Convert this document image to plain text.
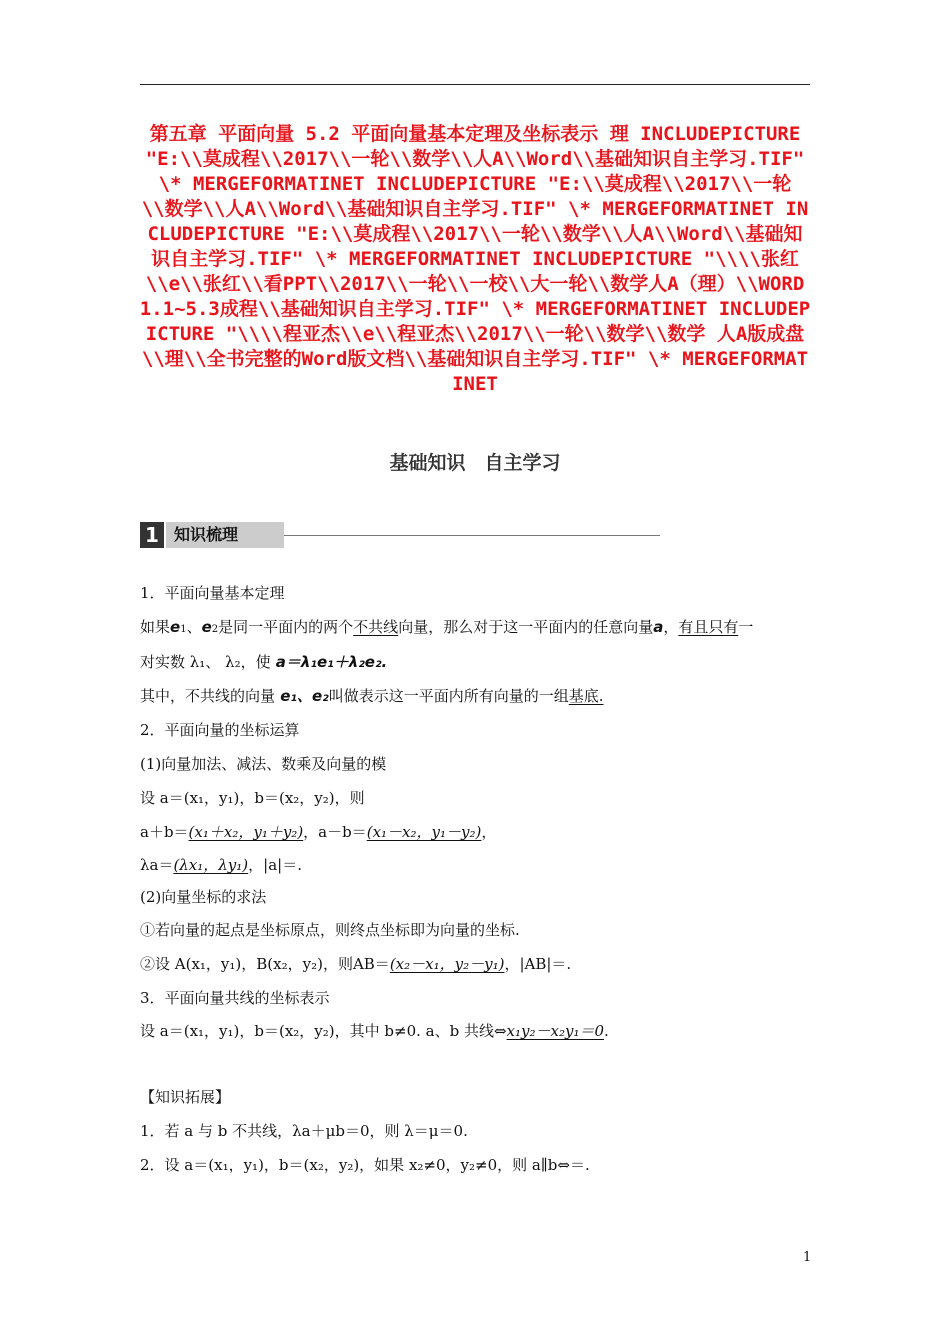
第五章 平面向量 5.2 平面向量基本定理及坐标表示 理 INCLUDEPICTURE "E:\\莫成程\\2017\\一轮\\数学\\人A\\Word\\基础知识自主学习.TIF" \* MERGEFORMATINET INCLUDEPICTURE "E:\\莫成程\\2017\\一轮\\数学\\人A\\Word\\基础知识自主学习.TIF" \* MERGEFORMATINET INCLUDEPICTURE "E:\\莫成程\\2017\\一轮\\数学\\人A\\Word\\基础知识自主学习.TIF" \* MERGEFORMATINET INCLUDEPICTURE "\\\\张红\\e\\张红\\看PPT\\2017\\一轮\\一校\\大一轮\\数学人A（理）\\WORD1.1~5.3成程\\基础知识自主学习.TIF" \* MERGEFORMATINET INCLUDEPICTURE "\\\\程亚杰\\e\\程亚杰\\2017\\一轮\\数学\\数学 人A版成盘\\理\\全书完整的Word版文档\\基础知识自主学习.TIF" \* MERGEFORMATINET
基础知识　自主学习
1 知识梳理
1．平面向量基本定理
如果e1、e2是同一平面内的两个不共线向量，那么对于这一平面内的任意向量a，有且只有一
对实数 λ₁、 λ₂，使 a＝λ₁e₁＋λ₂e₂.
其中，不共线的向量 e₁、e₂叫做表示这一平面内所有向量的一组基底.
2．平面向量的坐标运算
(1)向量加法、减法、数乘及向量的模
设 a＝(x₁，y₁)，b＝(x₂，y₂)，则
a＋b＝(x₁＋x₂，y₁＋y₂)，a－b＝(x₁－x₂，y₁－y₂)，
λa＝(λx₁，λy₁)，|a|＝.
(2)向量坐标的求法
①若向量的起点是坐标原点，则终点坐标即为向量的坐标.
②设 A(x₁，y₁)，B(x₂，y₂)，则AB＝(x₂－x₁，y₂－y₁)，|AB|＝.
3．平面向量共线的坐标表示
设 a＝(x₁，y₁)，b＝(x₂，y₂)，其中 b≠0. a、b 共线⇔x₁y₂－x₂y₁＝0.
【知识拓展】
1．若 a 与 b 不共线，λa＋μb＝0，则 λ＝μ＝0.
2．设 a＝(x₁，y₁)，b＝(x₂，y₂)，如果 x₂≠0，y₂≠0，则 a∥b⇔＝.
1
